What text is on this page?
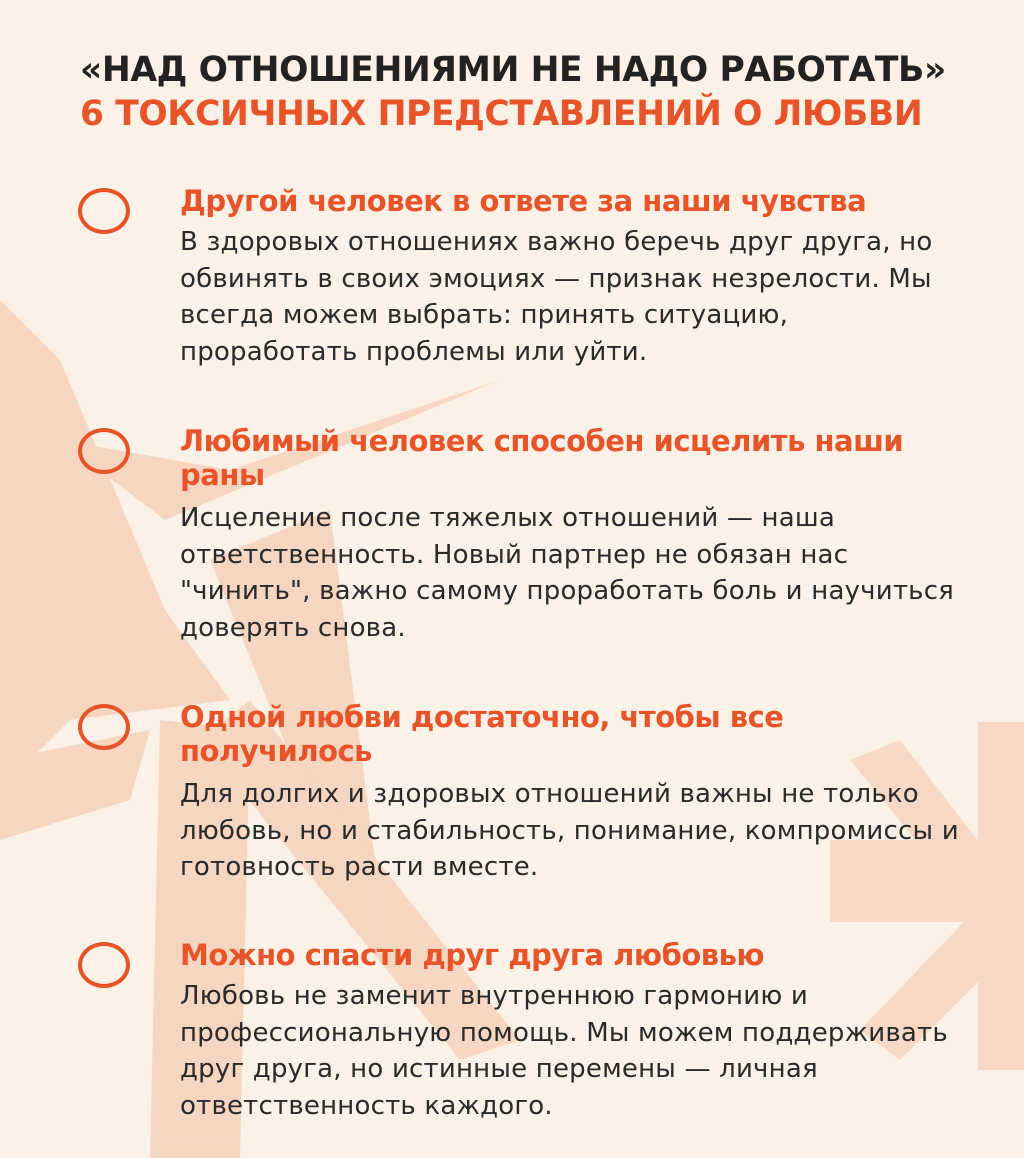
«НАД ОТНОШЕНИЯМИ НЕ НАДО РАБОТАТЬ»
6 ТОКСИЧНЫХ ПРЕДСТАВЛЕНИЙ О ЛЮБВИ
Другой человек в ответе за наши чувства

В здоровых отношениях важно беречь друг друга, но обвинять в своих эмоциях — признак незрелости. Мы всегда можем выбрать: принять ситуацию, проработать проблемы или уйти.

Любимый человек способен исцелить наши раны

Исцеление после тяжелых отношений — наша ответственность. Новый партнер не обязан нас "чинить", важно самому проработать боль и научиться доверять снова.

Одной любви достаточно, чтобы все получилось

Для долгих и здоровых отношений важны не только любовь, но и стабильность, понимание, компромиссы и готовность расти вместе.

Можно спасти друг друга любовью

Любовь не заменит внутреннюю гармонию и профессиональную помощь. Мы можем поддерживать друг друга, но истинные перемены — личная ответственность каждого.
